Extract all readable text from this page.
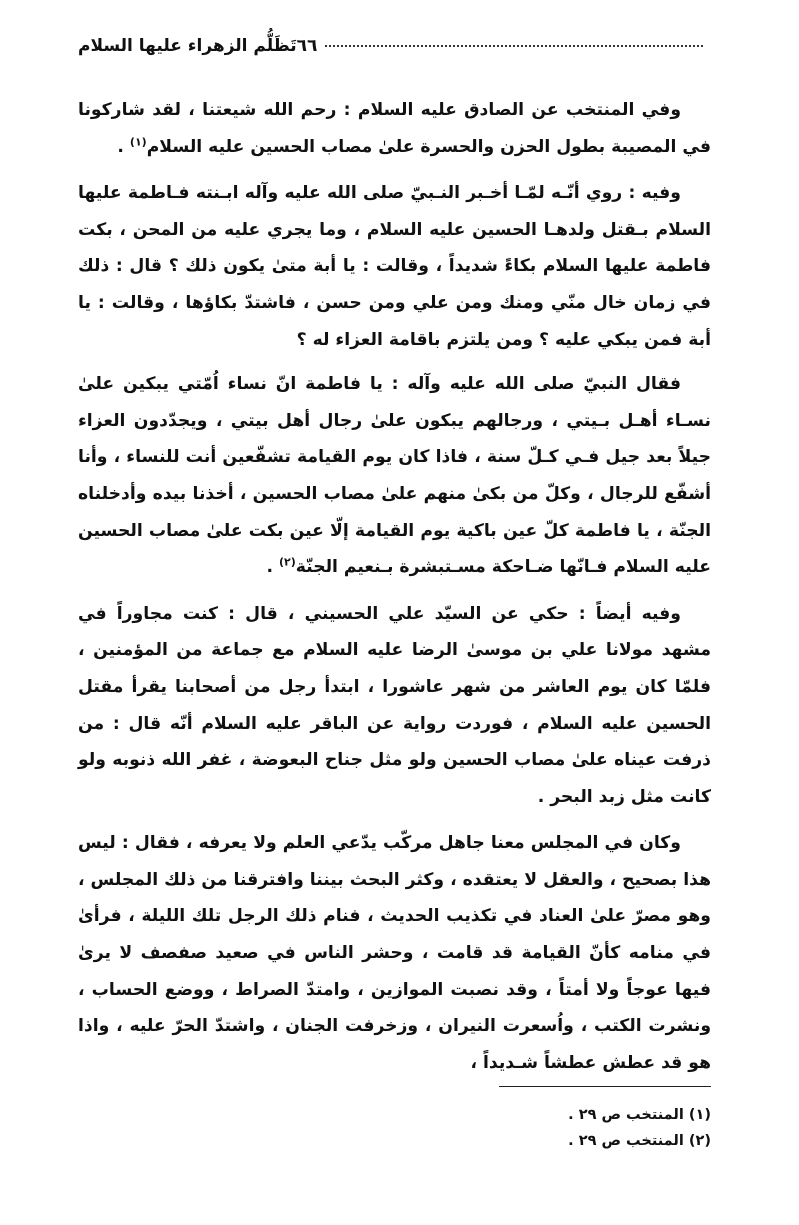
تَظَلُّم الزهراء عليها السلام ٦٦

وفي المنتخب عن الصادق عليه السلام : رحم الله شيعتنا ، لقد شاركونا في المصيبة بطول الحزن والحسرة علىٰ مصاب الحسين عليه السلام$^{(١)}$ .

وفيه : روي أنّـه لمّـا أخـبر النـبيّ صلى الله عليه وآله ابـنته فـاطمة عليها السلام بـقتل ولدهـا الحسين عليه السلام ، وما يجري عليه من المحن ، بكت فاطمة عليها السلام بكاءً شديداً ، وقالت : يا أبة متىٰ يكون ذلك ؟ قال : ذلك في زمان خال منّي ومنك ومن علي ومن حسن ، فاشتدّ بكاؤها ، وقالت : يا أبة فمن يبكي عليه ؟ ومن يلتزم باقامة العزاء له ؟

فقال النبيّ صلى الله عليه وآله : يا فاطمة انّ نساء اُمّتي يبكين علىٰ نسـاء أهـل بـيتي ، ورجالهم يبكون علىٰ رجال أهل بيتي ، ويجدّدون العزاء جيلاً بعد جيل فـي كـلّ سنة ، فاذا كان يوم القيامة تشفّعين أنت للنساء ، وأنا أشفّع للرجال ، وكلّ من بكىٰ منهم علىٰ مصاب الحسين ، أخذنا بيده وأدخلناه الجنّة ، يا فاطمة كلّ عين باكية يوم القيامة إلّا عين بكت علىٰ مصاب الحسين عليه السلام فـانّها ضـاحكة مسـتبشرة بـنعيم الجنّة$^{(٢)}$ .

وفيه أيضاً : حكي عن السيّد علي الحسيني ، قال : كنت مجاوراً في مشهد مولانا علي بن موسىٰ الرضا عليه السلام مع جماعة من المؤمنين ، فلمّا كان يوم العاشر من شهر عاشورا ، ابتدأ رجل من أصحابنا يقرأ مقتل الحسين عليه السلام ، فوردت رواية عن الباقر عليه السلام أنّه قال : من ذرفت عيناه علىٰ مصاب الحسين ولو مثل جناح البعوضة ، غفر الله ذنوبه ولو كانت مثل زبد البحر .

وكان في المجلس معنا جاهل مركّب يدّعي العلم ولا يعرفه ، فقال : ليس هذا بصحيح ، والعقل لا يعتقده ، وكثر البحث بيننا وافترقنا من ذلك المجلس ، وهو مصرّ علىٰ العناد في تكذيب الحديث ، فنام ذلك الرجل تلك الليلة ، فرأىٰ في منامه كأنّ القيامة قد قامت ، وحشر الناس في صعيد صفصف لا يرىٰ فيها عوجاً ولا أمتاً ، وقد نصبت الموازين ، وامتدّ الصراط ، ووضع الحساب ، ونشرت الكتب ، واُسعرت النيران ، وزخرفت الجنان ، واشتدّ الحرّ عليه ، واذا هو قد عطش عطشاً شـديداً ،

(١) المنتخب ص ٢٩ .
(٢) المنتخب ص ٢٩ .
